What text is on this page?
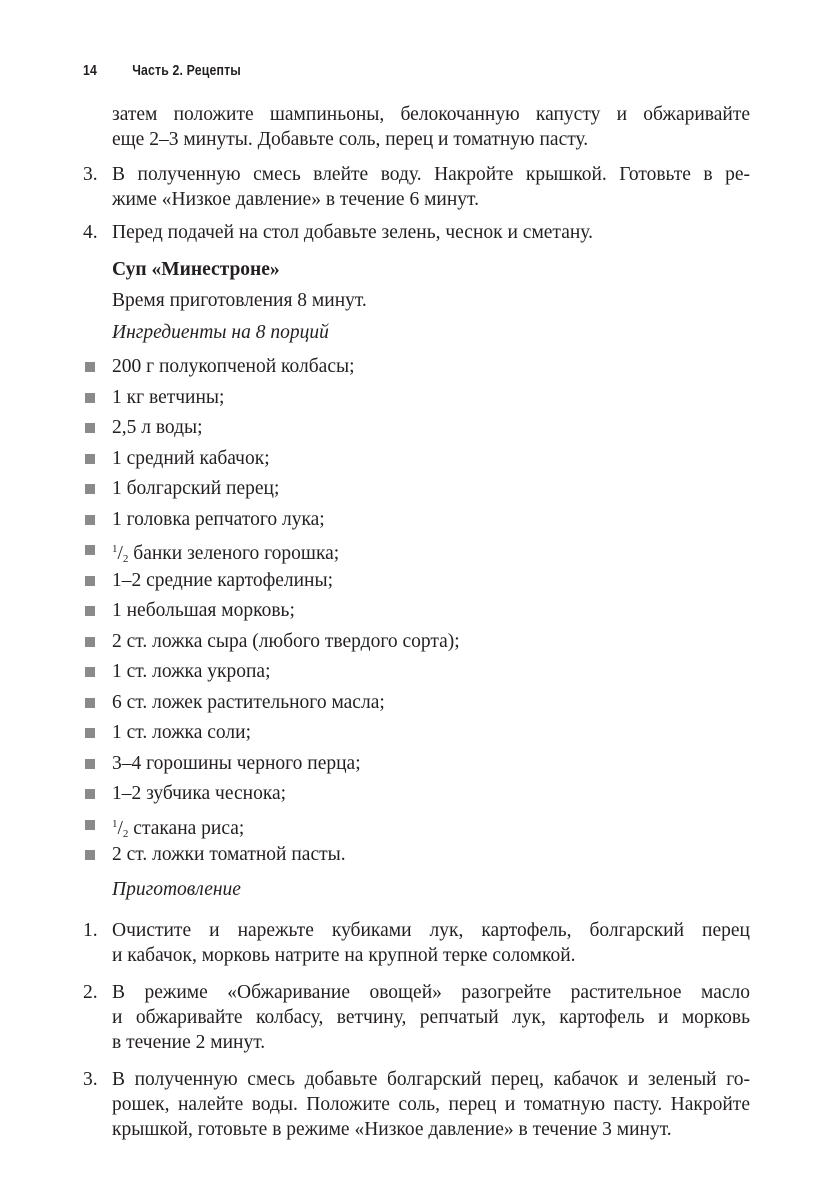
14 Часть 2. Рецепты
затем положите шампиньоны, белокочанную капусту и обжаривайте
еще 2–3 минуты. Добавьте соль, перец и томатную пасту.
3. В полученную смесь влейте воду. Накройте крышкой. Готовьте в ре-
жиме «Низкое давление» в течение 6 минут.
4. Перед подачей на стол добавьте зелень, чеснок и сметану.
Суп «Минестроне»
Время приготовления 8 минут.
Ингредиенты на 8 порций
200 г полукопченой колбасы;
1 кг ветчины;
2,5 л воды;
1 средний кабачок;
1 болгарский перец;
1 головка репчатого лука;
$^1/_2$ банки зеленого горошка;
1–2 средние картофелины;
1 небольшая морковь;
2 ст. ложка сыра (любого твердого сорта);
1 ст. ложка укропа;
6 ст. ложек растительного масла;
1 ст. ложка соли;
3–4 горошины черного перца;
1–2 зубчика чеснока;
$^1/_2$ стакана риса;
2 ст. ложки томатной пасты.
Приготовление
1. Очистите и нарежьте кубиками лук, картофель, болгарский перец
и кабачок, морковь натрите на крупной терке соломкой.
2. В режиме «Обжаривание овощей» разогрейте растительное масло
и обжаривайте колбасу, ветчину, репчатый лук, картофель и морковь
в течение 2 минут.
3. В полученную смесь добавьте болгарский перец, кабачок и зеленый го-
рошек, налейте воды. Положите соль, перец и томатную пасту. Накройте
крышкой, готовьте в режиме «Низкое давление» в течение 3 минут.
